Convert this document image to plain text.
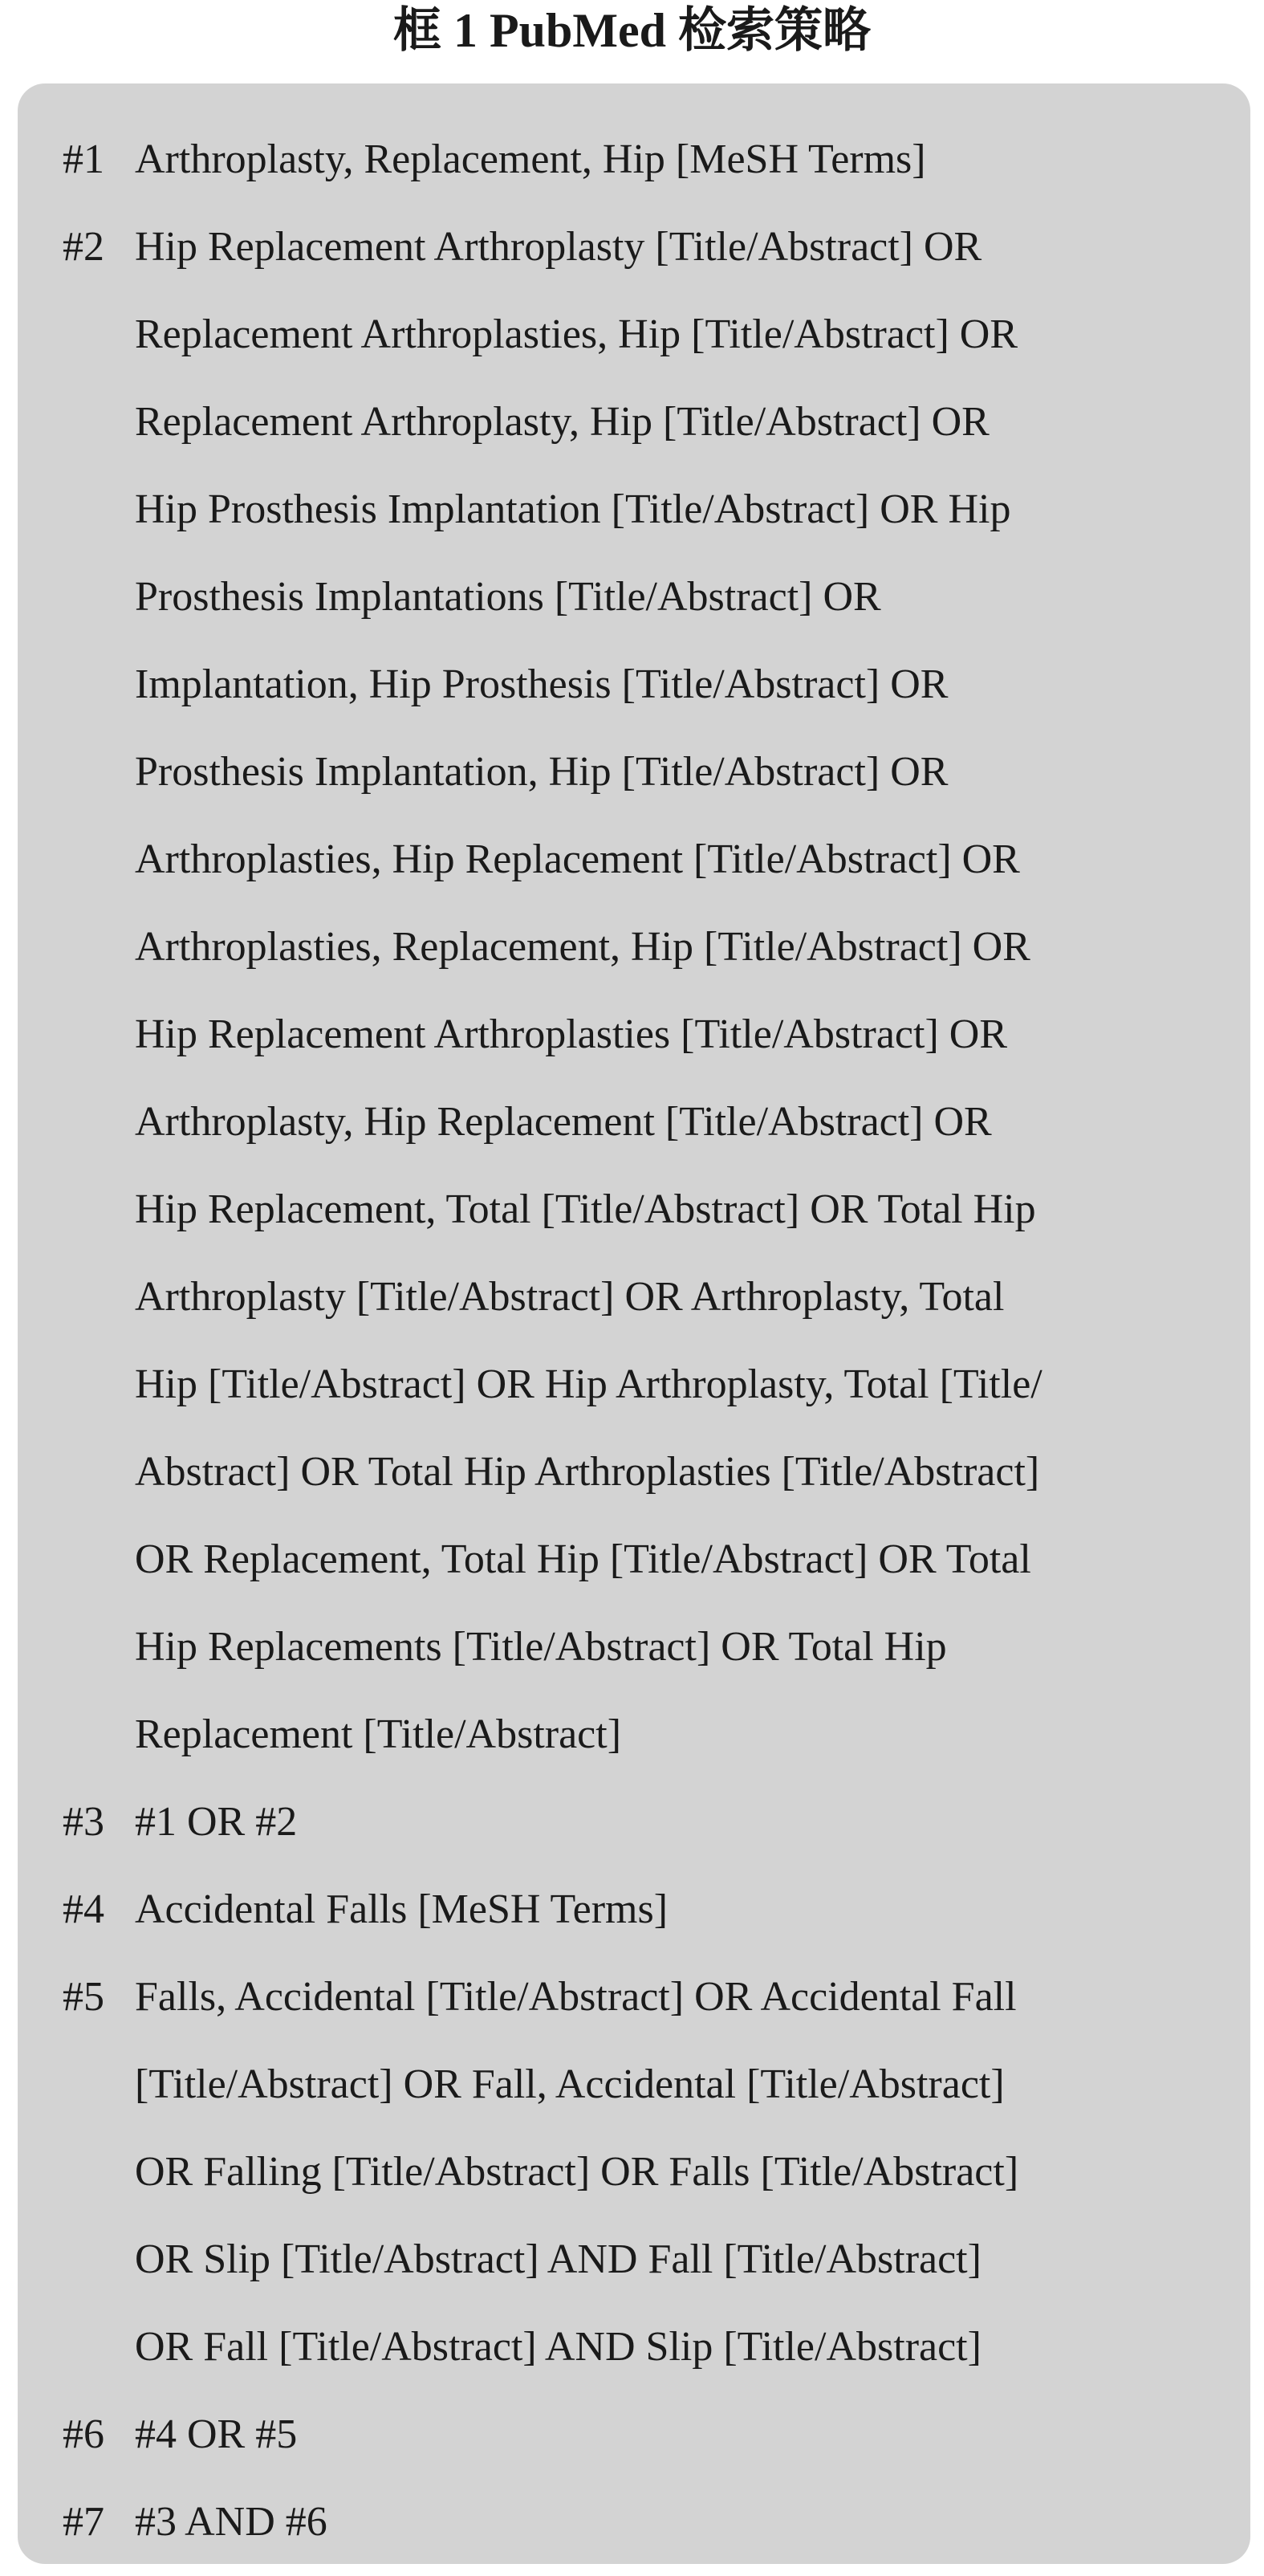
框 1 PubMed 检索策略
#1 Arthroplasty, Replacement, Hip [MeSH Terms]
#2 Hip Replacement Arthroplasty [Title/Abstract] OR
Replacement Arthroplasties, Hip [Title/Abstract] OR
Replacement Arthroplasty, Hip [Title/Abstract] OR
Hip Prosthesis Implantation [Title/Abstract] OR Hip
Prosthesis Implantations [Title/Abstract] OR
Implantation, Hip Prosthesis [Title/Abstract] OR
Prosthesis Implantation, Hip [Title/Abstract] OR
Arthroplasties, Hip Replacement [Title/Abstract] OR
Arthroplasties, Replacement, Hip [Title/Abstract] OR
Hip Replacement Arthroplasties [Title/Abstract] OR
Arthroplasty, Hip Replacement [Title/Abstract] OR
Hip Replacement, Total [Title/Abstract] OR Total Hip
Arthroplasty [Title/Abstract] OR Arthroplasty, Total
Hip [Title/Abstract] OR Hip Arthroplasty, Total [Title/
Abstract] OR Total Hip Arthroplasties [Title/Abstract]
OR Replacement, Total Hip [Title/Abstract] OR Total
Hip Replacements [Title/Abstract] OR Total Hip
Replacement [Title/Abstract]
#3 #1 OR #2
#4 Accidental Falls [MeSH Terms]
#5 Falls, Accidental [Title/Abstract] OR Accidental Fall
[Title/Abstract] OR Fall, Accidental [Title/Abstract]
OR Falling [Title/Abstract] OR Falls [Title/Abstract]
OR Slip [Title/Abstract] AND Fall [Title/Abstract]
OR Fall [Title/Abstract] AND Slip [Title/Abstract]
#6 #4 OR #5
#7 #3 AND #6
